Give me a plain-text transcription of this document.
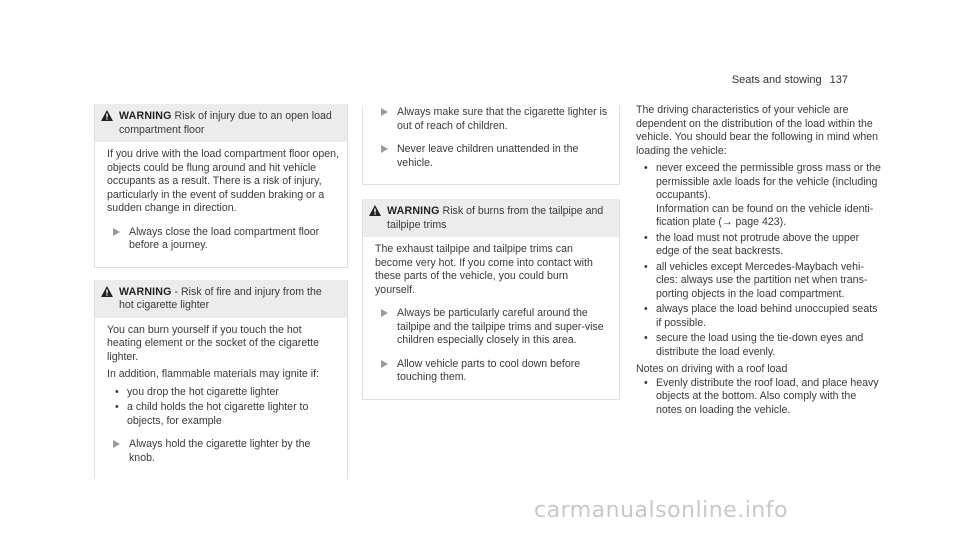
Seats and stowing 137
WARNING Risk of injury due to an open load compartment floor

If you drive with the load compartment floor open, objects could be flung around and hit vehicle occupants as a result. There is a risk of injury, particularly in the event of sudden braking or a sudden change in direction.

Always close the load compartment floor before a journey.
WARNING - Risk of fire and injury from the hot cigarette lighter

You can burn yourself if you touch the hot heating element or the socket of the cigarette lighter.

In addition, flammable materials may ignite if:

• you drop the hot cigarette lighter
• a child holds the hot cigarette lighter to objects, for example
Always hold the cigarette lighter by the knob.
Always make sure that the cigarette lighter is out of reach of children.
Never leave children unattended in the vehicle.
WARNING Risk of burns from the tailpipe and tailpipe trims

The exhaust tailpipe and tailpipe trims can become very hot. If you come into contact with these parts of the vehicle, you could burn yourself.

Always be particularly careful around the tailpipe and the tailpipe trims and super-vise children especially closely in this area.
Allow vehicle parts to cool down before touching them.

The driving characteristics of your vehicle are dependent on the distribution of the load within the vehicle. You should bear the following in mind when loading the vehicle:

• never exceed the permissible gross mass or the permissible axle loads for the vehicle (including occupants).
Information can be found on the vehicle identi-fication plate (→ page 423).
• the load must not protrude above the upper edge of the seat backrests.
• all vehicles except Mercedes-Maybach vehi-cles: always use the partition net when trans-porting objects in the load compartment.
• always place the load behind unoccupied seats if possible.
• secure the load using the tie-down eyes and distribute the load evenly.

Notes on driving with a roof load

• Evenly distribute the roof load, and place heavy objects at the bottom. Also comply with the notes on loading the vehicle.
carmanualsonline.info
